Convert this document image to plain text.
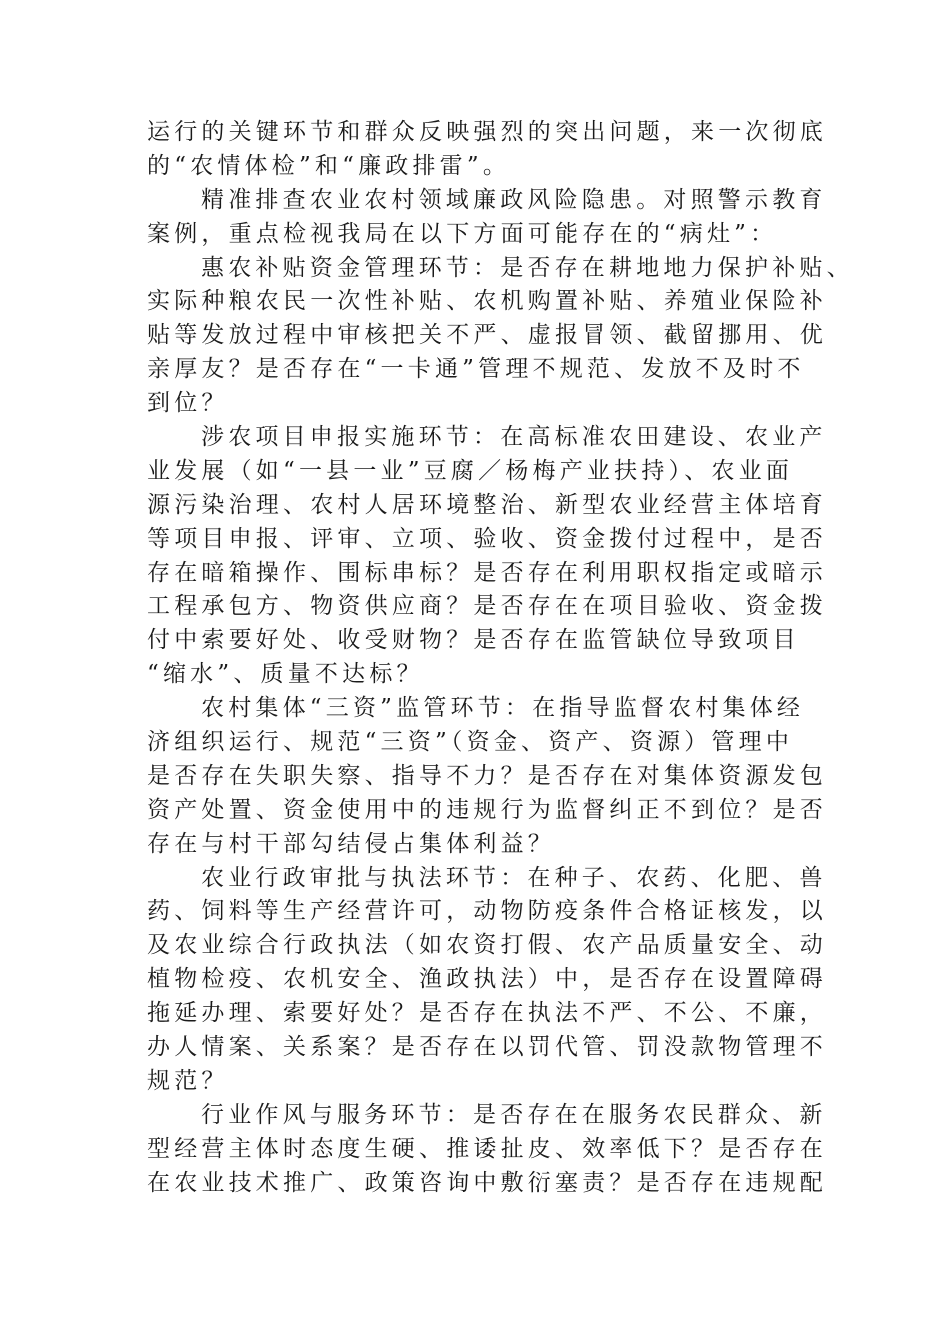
运行的关键环节和群众反映强烈的突出问题，来一次彻底
的“农情体检”和“廉政排雷”。
精准排查农业农村领域廉政风险隐患。对照警示教育
案例，重点检视我局在以下方面可能存在的“病灶”：
惠农补贴资金管理环节：是否存在耕地地力保护补贴、
实际种粮农民一次性补贴、农机购置补贴、养殖业保险补
贴等发放过程中审核把关不严、虚报冒领、截留挪用、优
亲厚友？是否存在“一卡通”管理不规范、发放不及时不
到位？
涉农项目申报实施环节：在高标准农田建设、农业产
业发展（如“一县一业”豆腐／杨梅产业扶持）、农业面
源污染治理、农村人居环境整治、新型农业经营主体培育
等项目申报、评审、立项、验收、资金拨付过程中，是否
存在暗箱操作、围标串标？是否存在利用职权指定或暗示
工程承包方、物资供应商？是否存在在项目验收、资金拨
付中索要好处、收受财物？是否存在监管缺位导致项目
“缩水”、质量不达标？
农村集体“三资”监管环节：在指导监督农村集体经
济组织运行、规范“三资”（资金、资产、资源）管理中
是否存在失职失察、指导不力？是否存在对集体资源发包
资产处置、资金使用中的违规行为监督纠正不到位？是否
存在与村干部勾结侵占集体利益？
农业行政审批与执法环节：在种子、农药、化肥、兽
药、饲料等生产经营许可，动物防疫条件合格证核发，以
及农业综合行政执法（如农资打假、农产品质量安全、动
植物检疫、农机安全、渔政执法）中，是否存在设置障碍
拖延办理、索要好处？是否存在执法不严、不公、不廉，
办人情案、关系案？是否存在以罚代管、罚没款物管理不
规范？
行业作风与服务环节：是否存在在服务农民群众、新
型经营主体时态度生硬、推诿扯皮、效率低下？是否存在
在农业技术推广、政策咨询中敷衍塞责？是否存在违规配
